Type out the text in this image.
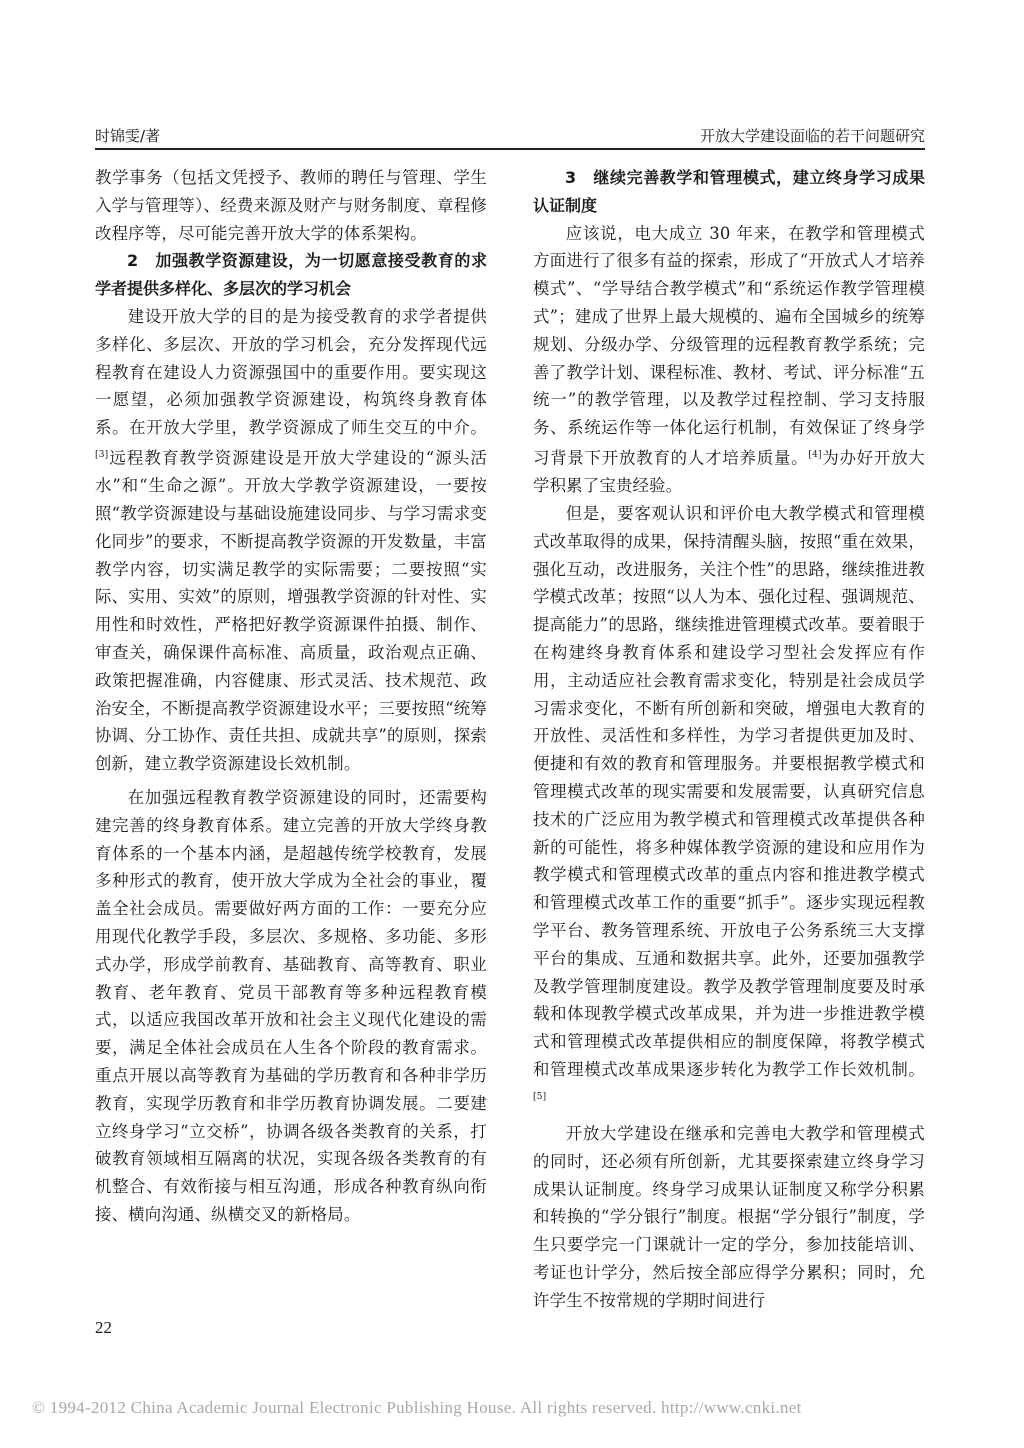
时锦雯/著	开放大学建设面临的若干问题研究

教学事务（包括文凭授予、教师的聘任与管理、学生入学与管理等）、经费来源及财产与财务制度、章程修改程序等，尽可能完善开放大学的体系架构。

2　加强教学资源建设，为一切愿意接受教育的求学者提供多样化、多层次的学习机会

建设开放大学的目的是为接受教育的求学者提供多样化、多层次、开放的学习机会，充分发挥现代远程教育在建设人力资源强国中的重要作用。要实现这一愿望，必须加强教学资源建设，构筑终身教育体系。在开放大学里，教学资源成了师生交互的中介。[3]远程教育教学资源建设是开放大学建设的“源头活水”和“生命之源”。开放大学教学资源建设，一要按照“教学资源建设与基础设施建设同步、与学习需求变化同步”的要求，不断提高教学资源的开发数量，丰富教学内容，切实满足教学的实际需要；二要按照“实际、实用、实效”的原则，增强教学资源的针对性、实用性和时效性，严格把好教学资源课件拍摄、制作、审查关，确保课件高标准、高质量，政治观点正确、政策把握准确，内容健康、形式灵活、技术规范、政治安全，不断提高教学资源建设水平；三要按照“统筹协调、分工协作、责任共担、成就共享”的原则，探索创新，建立教学资源建设长效机制。

在加强远程教育教学资源建设的同时，还需要构建完善的终身教育体系。建立完善的开放大学终身教育体系的一个基本内涵，是超越传统学校教育，发展多种形式的教育，使开放大学成为全社会的事业，覆盖全社会成员。需要做好两方面的工作：一要充分应用现代化教学手段，多层次、多规格、多功能、多形式办学，形成学前教育、基础教育、高等教育、职业教育、老年教育、党员干部教育等多种远程教育模式，以适应我国改革开放和社会主义现代化建设的需要，满足全体社会成员在人生各个阶段的教育需求。重点开展以高等教育为基础的学历教育和各种非学历教育，实现学历教育和非学历教育协调发展。二要建立终身学习“立交桥”，协调各级各类教育的关系，打破教育领域相互隔离的状况，实现各级各类教育的有机整合、有效衔接与相互沟通，形成各种教育纵向衔接、横向沟通、纵横交叉的新格局。

3　继续完善教学和管理模式，建立终身学习成果认证制度

应该说，电大成立 30 年来，在教学和管理模式方面进行了很多有益的探索，形成了“开放式人才培养模式”、“学导结合教学模式”和“系统运作教学管理模式”；建成了世界上最大规模的、遍布全国城乡的统筹规划、分级办学、分级管理的远程教育教学系统；完善了教学计划、课程标准、教材、考试、评分标准“五统一”的教学管理，以及教学过程控制、学习支持服务、系统运作等一体化运行机制，有效保证了终身学习背景下开放教育的人才培养质量。[4]为办好开放大学积累了宝贵经验。

但是，要客观认识和评价电大教学模式和管理模式改革取得的成果，保持清醒头脑，按照“重在效果，强化互动，改进服务，关注个性”的思路，继续推进教学模式改革；按照“以人为本、强化过程、强调规范、提高能力”的思路，继续推进管理模式改革。要着眼于在构建终身教育体系和建设学习型社会发挥应有作用，主动适应社会教育需求变化，特别是社会成员学习需求变化，不断有所创新和突破，增强电大教育的开放性、灵活性和多样性，为学习者提供更加及时、便捷和有效的教育和管理服务。并要根据教学模式和管理模式改革的现实需要和发展需要，认真研究信息技术的广泛应用为教学模式和管理模式改革提供各种新的可能性，将多种媒体教学资源的建设和应用作为教学模式和管理模式改革的重点内容和推进教学模式和管理模式改革工作的重要“抓手”。逐步实现远程教学平台、教务管理系统、开放电子公务系统三大支撑平台的集成、互通和数据共享。此外，还要加强教学及教学管理制度建设。教学及教学管理制度要及时承载和体现教学模式改革成果，并为进一步推进教学模式和管理模式改革提供相应的制度保障，将教学模式和管理模式改革成果逐步转化为教学工作长效机制。[5]

开放大学建设在继承和完善电大教学和管理模式的同时，还必须有所创新，尤其要探索建立终身学习成果认证制度。终身学习成果认证制度又称学分积累和转换的“学分银行”制度。根据“学分银行”制度，学生只要学完一门课就计一定的学分，参加技能培训、考证也计学分，然后按全部应得学分累积；同时，允许学生不按常规的学期时间进行

22
© 1994-2012 China Academic Journal Electronic Publishing House. All rights reserved. http://www.cnki.net
